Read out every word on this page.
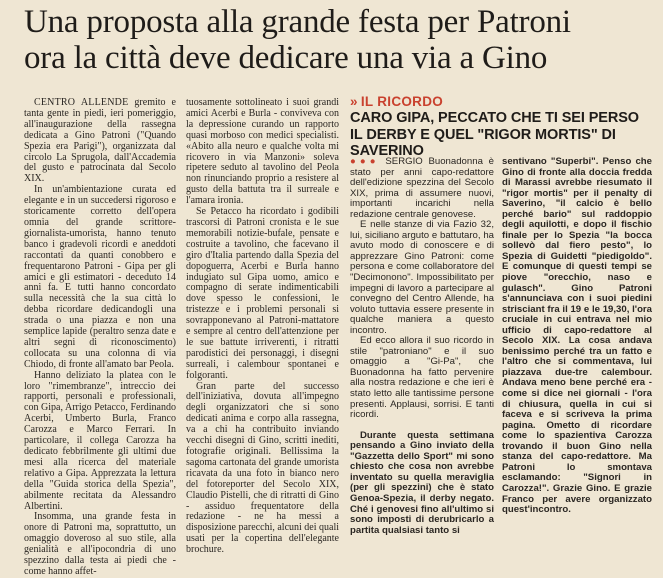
Una proposta alla grande festa per Patroni
ora la città deve dedicare una via a Gino

CENTRO ALLENDE gremito e tanta gente in piedi, ieri pomeriggio, all'inaugurazione della rassegna dedicata a Gino Patroni ("Quando Spezia era Parigi"), organizzata dal circolo La Sprugola, dall'Accademia del gusto e patrocinata dal Secolo XIX.

In un'ambientazione curata ed elegante e in un succedersi rigoroso e storicamente corretto dell'opera omnia del grande scrittore-giornalista-umorista, hanno tenuto banco i gradevoli ricordi e aneddoti raccontati da quanti conobbero e frequentarono Patroni - Gipa per gli amici e gli estimatori - deceduto 14 anni fa. E tutti hanno concordato sulla necessità che la sua città lo debba ricordare dedicandogli una strada o una piazza e non una semplice lapide (peraltro senza date e altri segni di riconoscimento) collocata su una colonna di via Chiodo, di fronte all'amato bar Peola.

Hanno deliziato la platea con le loro "rimembranze", intreccio dei rapporti, personali e professionali, con Gipa, Arrigo Petacco, Ferdinando Acerbi, Umberto Burla, Franco Carozza e Marco Ferrari. In particolare, il collega Carozza ha dedicato febbrilmente gli ultimi due mesi alla ricerca del materiale relativo a Gipa. Apprezzata la lettura della "Guida storica della Spezia", abilmente recitata da Alessandro Albertini.

Insomma, una grande festa in onore di Patroni ma, soprattutto, un omaggio doveroso al suo stile, alla genialità e all'ipocondria di uno spezzino dalla testa ai piedi che - come hanno affet-

tuosamente sottolineato i suoi grandi amici Acerbi e Burla - conviveva con la depressione curando un rapporto quasi morboso con medici specialisti. «Abito alla neuro e qualche volta mi ricovero in via Manzoni» soleva ripetere seduto al tavolino del Peola non rinunciando proprio a resistere al gusto della battuta tra il surreale e l'amara ironia.

Se Petacco ha ricordato i godibili trascorsi di Patroni cronista e le sue memorabili notizie-bufale, pensate e costruite a tavolino, che facevano il giro d'Italia partendo dalla Spezia del dopoguerra, Acerbi e Burla hanno indugiato sul Gipa uomo, amico e compagno di serate indimenticabili dove spesso le confessioni, le tristezze e i problemi personali si sovrapponevano al Patroni-mattatore e sempre al centro dell'attenzione per le sue battute irriverenti, i ritratti parodistici dei personaggi, i disegni surreali, i calembour spontanei e folgoranti.

Gran parte del successo dell'iniziativa, dovuta all'impegno degli organizzatori che si sono dedicati anima e corpo alla rassegna, va a chi ha contribuito inviando vecchi disegni di Gino, scritti inediti, fotografie originali. Bellissima la sagoma cartonata del grande umorista ricavata da una foto in bianco nero del fotoreporter del Secolo XIX, Claudio Pistelli, che di ritratti di Gino - assiduo frequentatore della redazione - ne ha messi a disposizione parecchi, alcuni dei quali usati per la copertina dell'elegante brochure.

» IL RICORDO
CARO GIPA, PECCATO CHE TI SEI PERSO
IL DERBY E QUEL "RIGOR MORTIS" DI SAVERINO

●●● SERGIO Buonadonna è stato per anni capo-redattore dell'edizione spezzina del Secolo XIX, prima di assumere nuovi, importanti incarichi nella redazione centrale genovese.

E nelle stanze di via Fazio 32, lui, siciliano arguto e battutaro, ha avuto modo di conoscere e di apprezzare Gino Patroni: come persona e come collaboratore del "Decimonono". Impossibilitato per impegni di lavoro a partecipare al convegno del Centro Allende, ha voluto tuttavia essere presente in qualche maniera a questo incontro.

Ed ecco allora il suo ricordo in stile "patroniano" e il suo omaggio a "Gi-Pa", che Buonadonna ha fatto pervenire alla nostra redazione e che ieri è stato letto alle tantissime persone presenti. Applausi, sorrisi. E tanti ricordi.

Durante questa settimana pensando a Gino inviato della "Gazzetta dello Sport" mi sono chiesto che cosa non avrebbe inventato su quella meraviglia (per gli spezzini) che è stato Genoa-Spezia, il derby negato. Ché i genovesi fino all'ultimo si sono imposti di derubricarlo a partita qualsiasi tanto si

sentivano "Superbi". Penso che Gino di fronte alla doccia fredda di Marassi avrebbe riesumato il "rigor mortis" per il penalty di Saverino, "il calcio è bello perché bario" sul raddoppio degli aquilotti, e dopo il fischio finale per lo Spezia "la bocca sollevò dal fiero pesto", lo Spezia di Guidetti "piedigoldo". E comunque di questi tempi se piove "orecchio, naso e gulasch". Gino Patroni s'annunciava con i suoi piedini strisciant fra il 19 e le 19,30, l'ora cruciale in cui entrava nel mio ufficio di capo-redattore al Secolo XIX. La cosa andava benissimo perché tra un fatto e l'altro che si commentava, lui piazzava due-tre calembour. Andava meno bene perché era - come si dice nei giornali - l'ora di chiusura, quella in cui si faceva e si scriveva la prima pagina. Ometto di ricordare come lo spazientiva Carozza trovando il buon Gino nella stanza del capo-redattore. Ma Patroni lo smontava esclamando: "Signori in Carozza!". Grazie Gino. E grazie Franco per avere organizzato quest'incontro.
